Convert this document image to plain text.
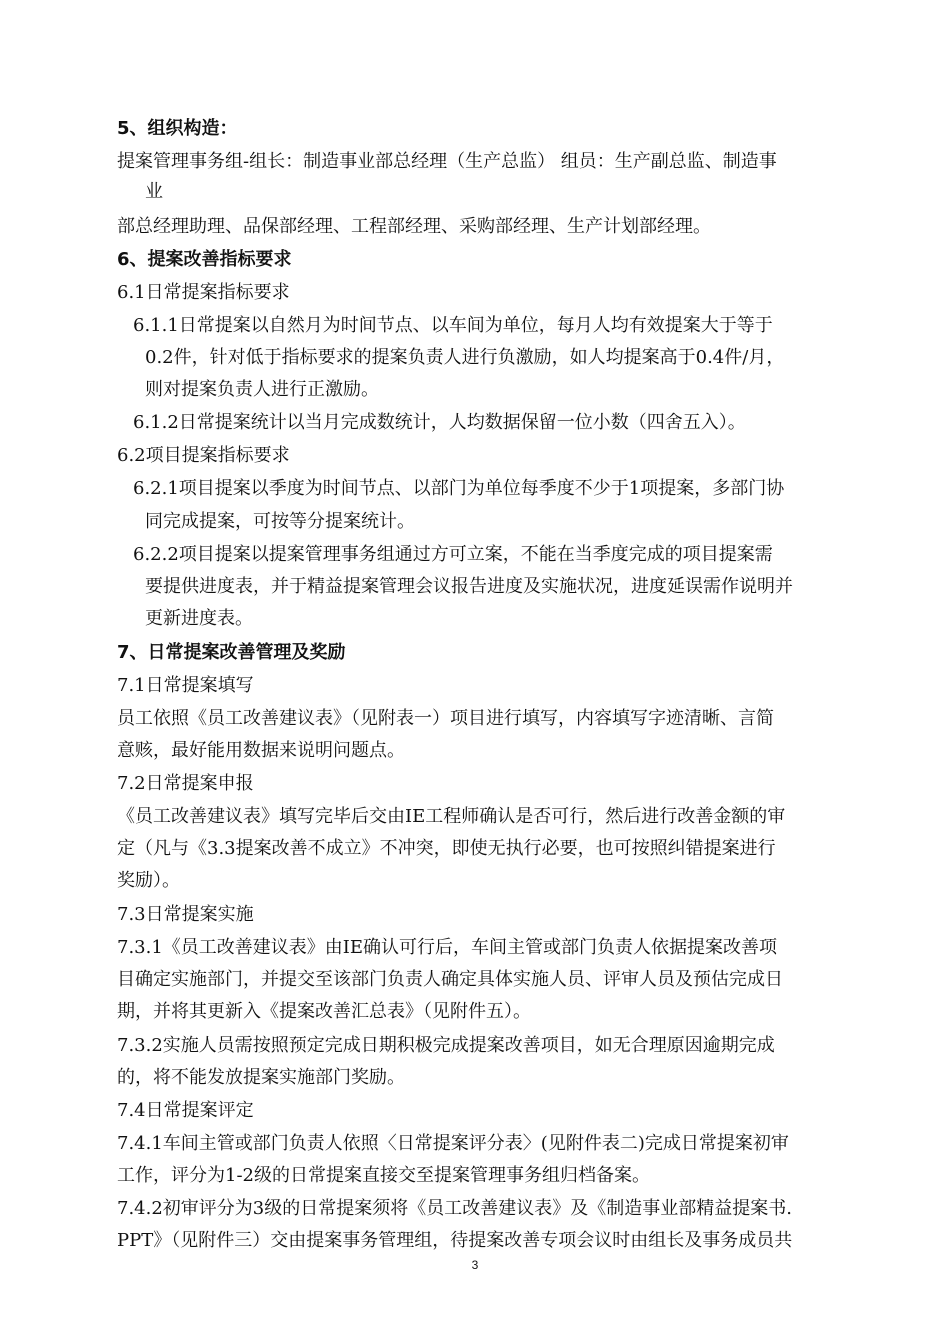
5、组织构造：
提案管理事务组-组长：制造事业部总经理（生产总监） 组员：生产副总监、制造事
业
部总经理助理、品保部经理、工程部经理、采购部经理、生产计划部经理。
6、提案改善指标要求
6.1日常提案指标要求
6.1.1日常提案以自然月为时间节点、以车间为单位，每月人均有效提案大于等于
0.2件，针对低于指标要求的提案负责人进行负激励，如人均提案高于0.4件/月，
则对提案负责人进行正激励。
6.1.2日常提案统计以当月完成数统计，人均数据保留一位小数（四舍五入）。
6.2项目提案指标要求
6.2.1项目提案以季度为时间节点、以部门为单位每季度不少于1项提案，多部门协
同完成提案，可按等分提案统计。
6.2.2项目提案以提案管理事务组通过方可立案，不能在当季度完成的项目提案需
要提供进度表，并于精益提案管理会议报告进度及实施状况，进度延误需作说明并
更新进度表。
7、日常提案改善管理及奖励
7.1日常提案填写
员工依照《员工改善建议表》（见附表一）项目进行填写，内容填写字迹清晰、言简
意赅，最好能用数据来说明问题点。
7.2日常提案申报
《员工改善建议表》填写完毕后交由IE工程师确认是否可行，然后进行改善金额的审
定（凡与《3.3提案改善不成立》不冲突，即使无执行必要，也可按照纠错提案进行
奖励）。
7.3日常提案实施
7.3.1《员工改善建议表》由IE确认可行后，车间主管或部门负责人依据提案改善项
目确定实施部门，并提交至该部门负责人确定具体实施人员、评审人员及预估完成日
期，并将其更新入《提案改善汇总表》（见附件五）。
7.3.2实施人员需按照预定完成日期积极完成提案改善项目，如无合理原因逾期完成
的，将不能发放提案实施部门奖励。
7.4日常提案评定
7.4.1车间主管或部门负责人依照〈日常提案评分表〉(见附件表二)完成日常提案初审
工作，评分为1-2级的日常提案直接交至提案管理事务组归档备案。
7.4.2初审评分为3级的日常提案须将《员工改善建议表》及《制造事业部精益提案书.
PPT》（见附件三）交由提案事务管理组，待提案改善专项会议时由组长及事务成员共
3
